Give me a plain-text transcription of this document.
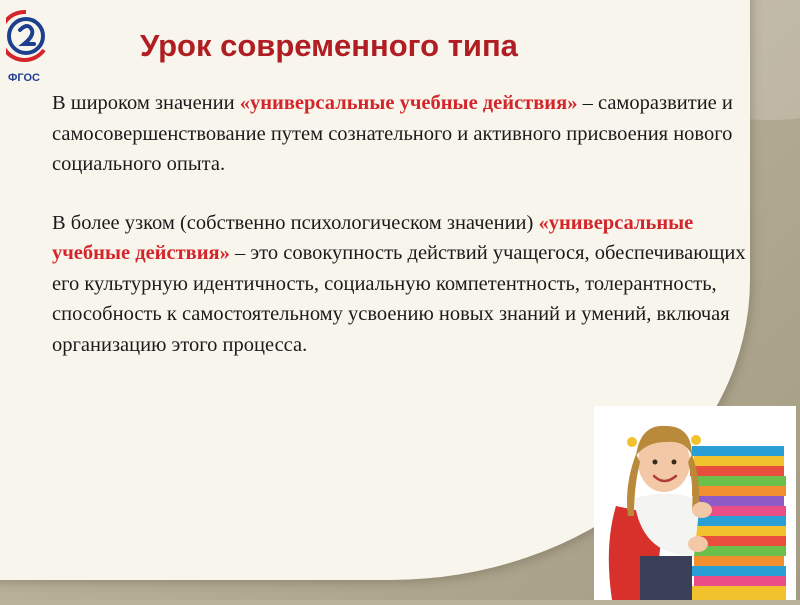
ФГОС
Урок современного типа

В широком значении «универсальные учебные действия» – саморазвитие и самосовершенствование путем сознательного и активного присвоения нового социального опыта.

В более узком (собственно психологическом значении) «универсальные учебные действия» – это совокупность действий учащегося, обеспечивающих его культурную идентичность, социальную компетентность, толерантность, способность к самостоятельному усвоению новых знаний и умений, включая организацию этого процесса.
